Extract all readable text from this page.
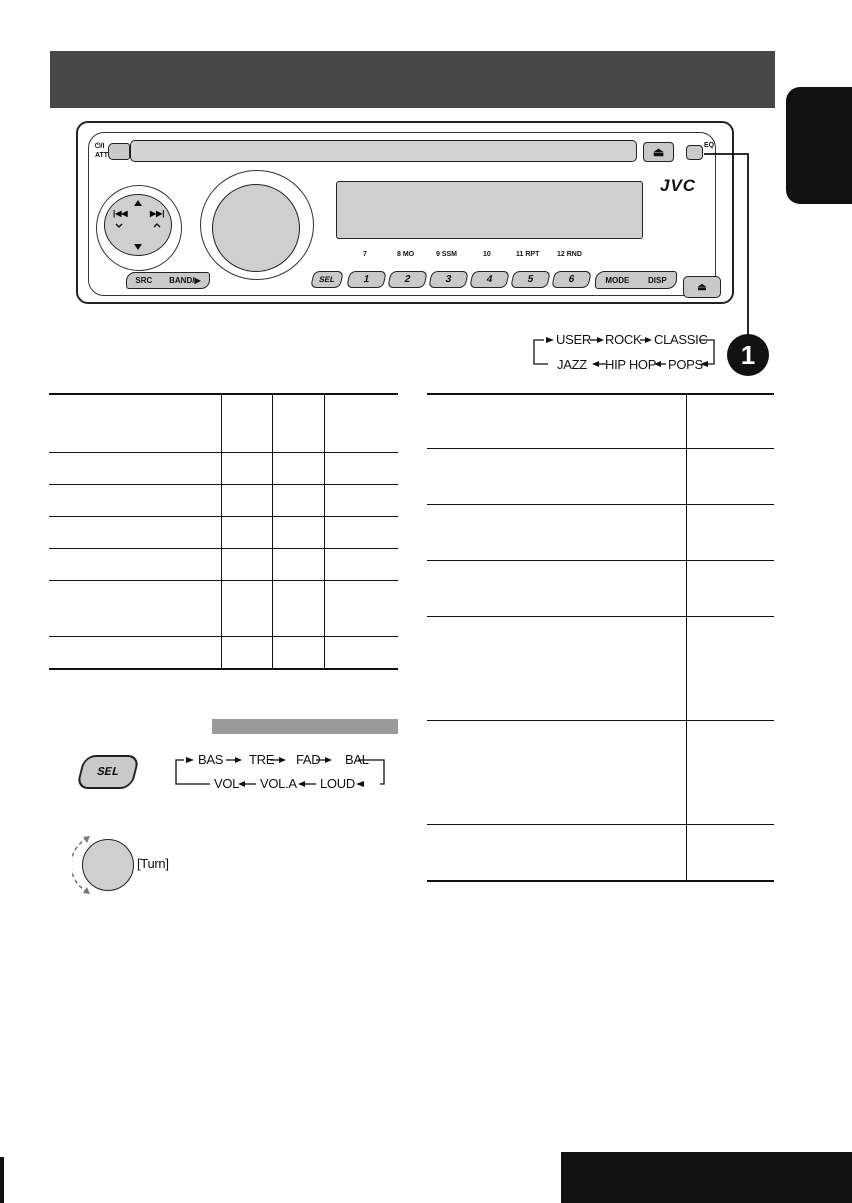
⏻/I
ATT	⏏	EQ
|◀◀	▶▶|
JVC
7	8 MO	9 SSM	10	11 RPT	12 RND
SRC BAND/▶	SEL	1	2	3	4	5	6	MODE DISP
⏏
USER ROCK CLASSIC
JAZZ HIP HOP POPS	1
SEL
BAS TRE FAD BAL
VOL VOL.A LOUD
[Turn]
